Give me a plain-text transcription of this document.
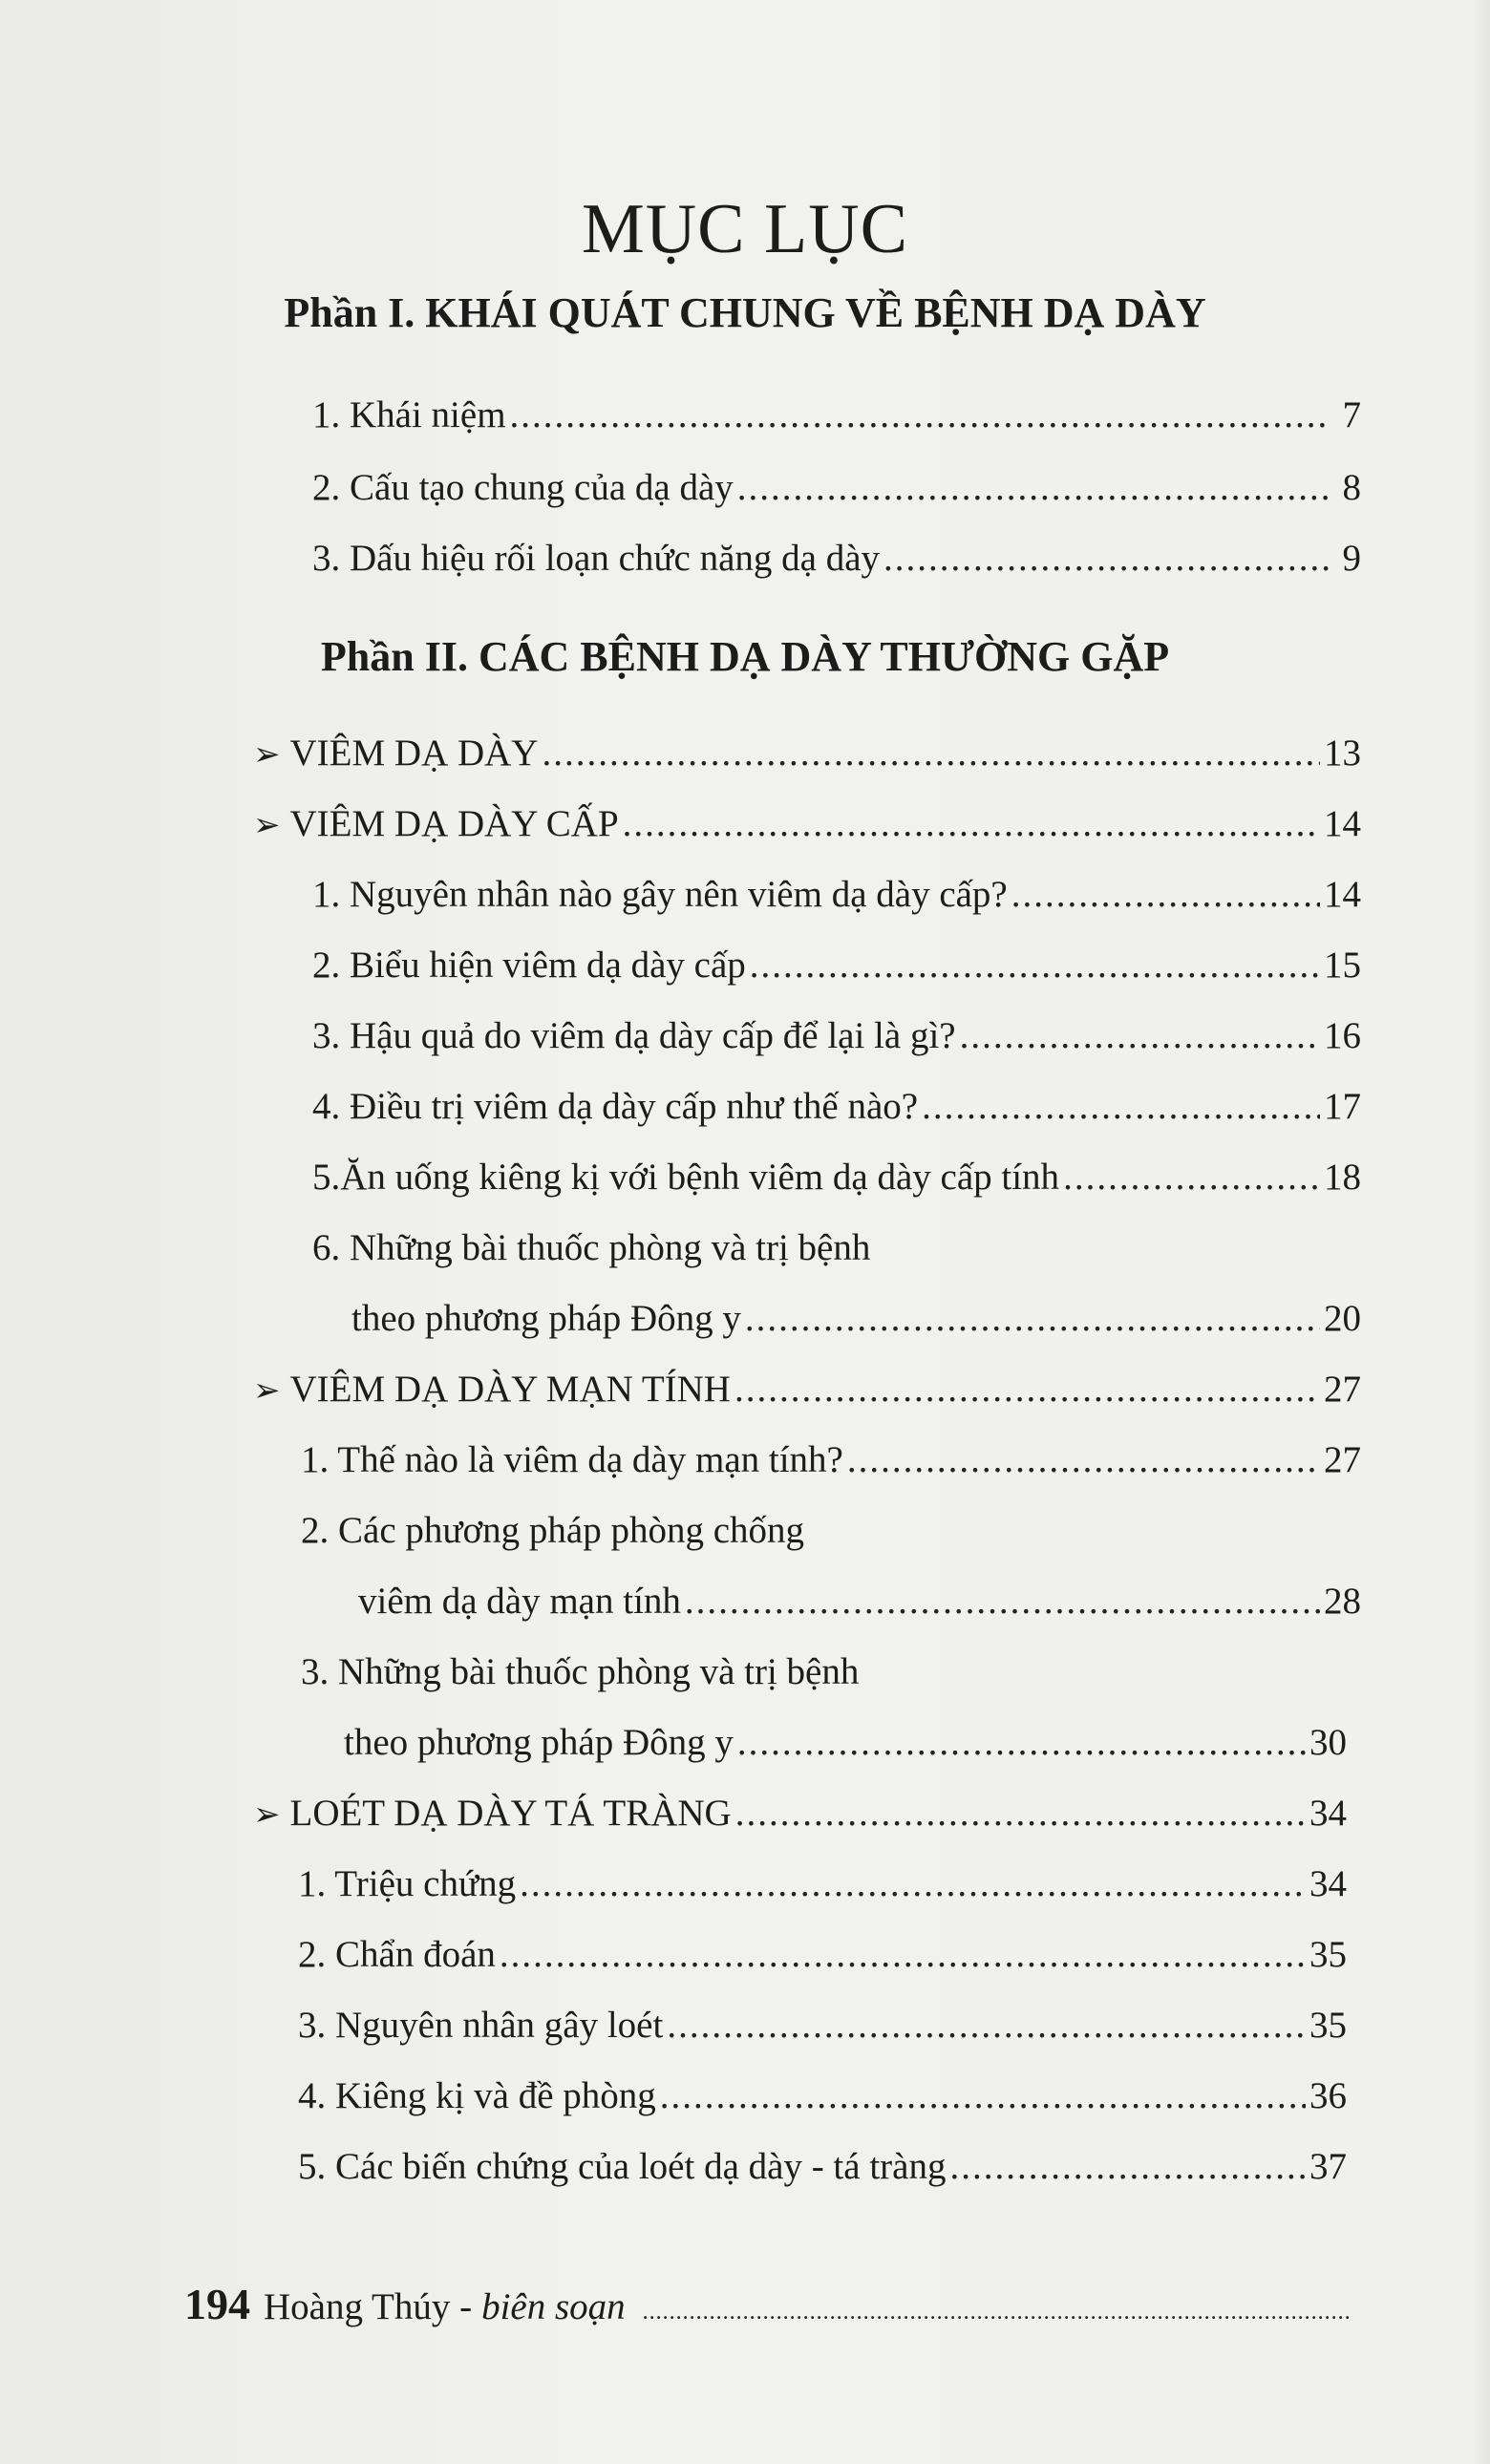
MỤC LỤC
Phần I. KHÁI QUÁT CHUNG VỀ BỆNH DẠ DÀY
1. Khái niệm .....	7
2. Cấu tạo chung của dạ dày .....	8
3. Dấu hiệu rối loạn chức năng dạ dày .....	9
Phần II. CÁC BỆNH DẠ DÀY THƯỜNG GẶP
➢ VIÊM DẠ DÀY .....	13
➢ VIÊM DẠ DÀY CẤP .....	14
1. Nguyên nhân nào gây nên viêm dạ dày cấp? .....	14
2. Biểu hiện viêm dạ dày cấp .....	15
3. Hậu quả do viêm dạ dày cấp để lại là gì? .....	16
4. Điều trị viêm dạ dày cấp như thế nào? .....	17
5.Ăn uống kiêng kị với bệnh viêm dạ dày cấp tính .....	18
6. Những bài thuốc phòng và trị bệnh
theo phương pháp Đông y .....	20
➢ VIÊM DẠ DÀY MẠN TÍNH .....	27
1. Thế nào là viêm dạ dày mạn tính? .....	27
2. Các phương pháp phòng chống
viêm dạ dày mạn tính .....	28
3. Những bài thuốc phòng và trị bệnh
theo phương pháp Đông y .....	30
➢ LOÉT DẠ DÀY TÁ TRÀNG .....	34
1. Triệu chứng .....	34
2. Chẩn đoán .....	35
3. Nguyên nhân gây loét .....	35
4. Kiêng kị và đề phòng .....	36
5. Các biến chứng của loét dạ dày - tá tràng .....	37
194 Hoàng Thúy - biên soạn
.....
